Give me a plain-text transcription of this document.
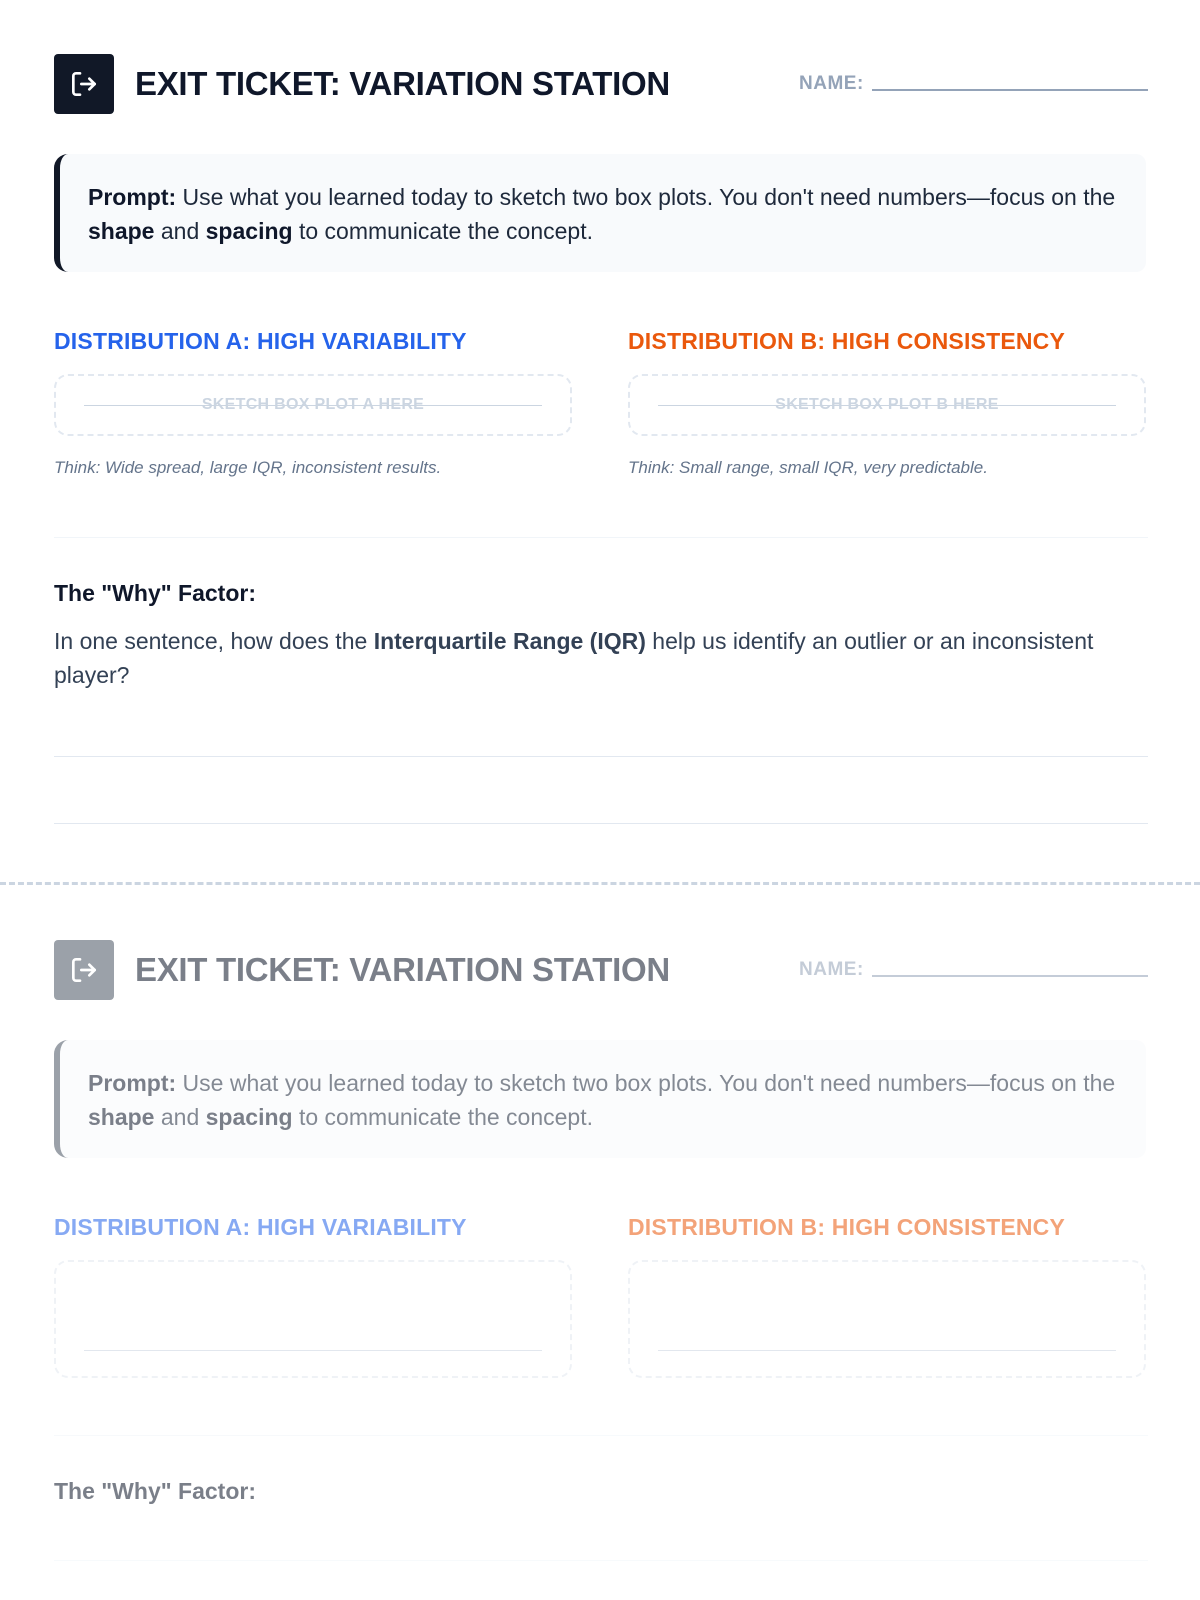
EXIT TICKET: VARIATION STATION	NAME:
Prompt: Use what you learned today to sketch two box plots. You don't need numbers—focus on the shape and spacing to communicate the concept.
DISTRIBUTION A: HIGH VARIABILITY	DISTRIBUTION B: HIGH CONSISTENCY
SKETCH BOX PLOT A HERE	SKETCH BOX PLOT B HERE
Think: Wide spread, large IQR, inconsistent results.	Think: Small range, small IQR, very predictable.
The "Why" Factor:
In one sentence, how does the Interquartile Range (IQR) help us identify an outlier or an inconsistent player?
EXIT TICKET: VARIATION STATION	NAME:
Prompt: Use what you learned today to sketch two box plots. You don't need numbers—focus on the shape and spacing to communicate the concept.
DISTRIBUTION A: HIGH VARIABILITY	DISTRIBUTION B: HIGH CONSISTENCY
The "Why" Factor:
